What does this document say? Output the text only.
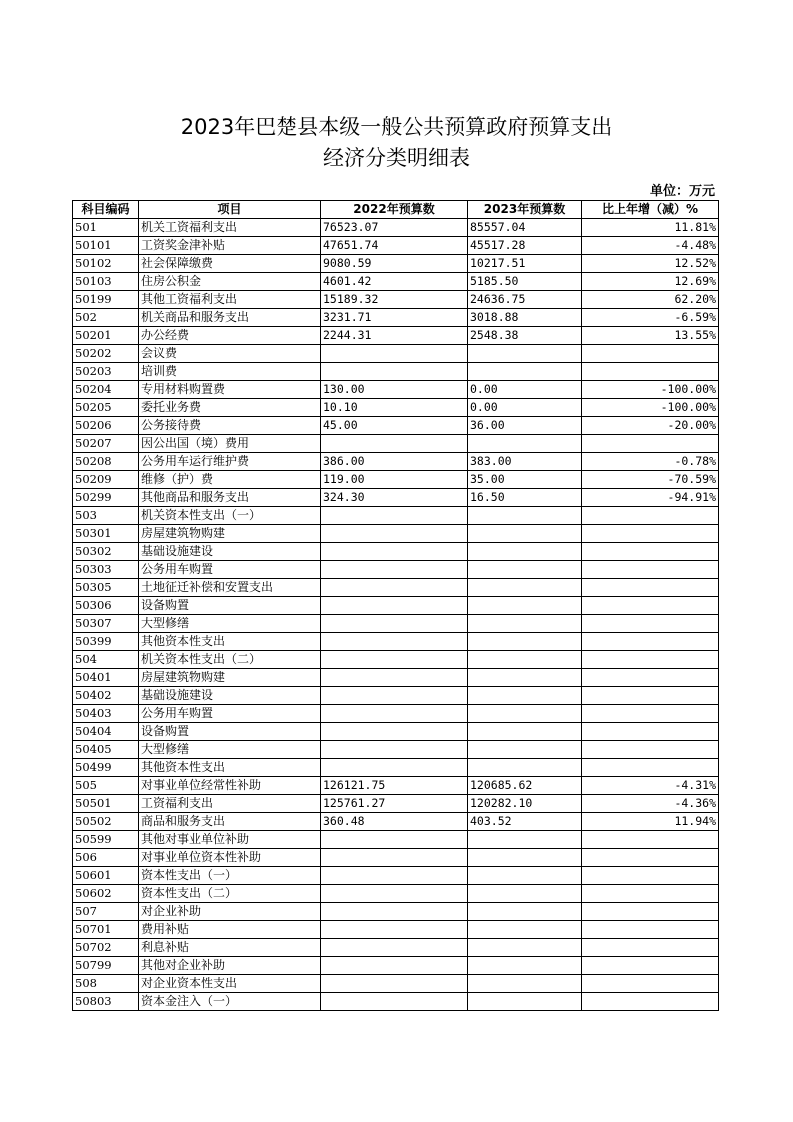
2023年巴楚县本级一般公共预算政府预算支出
经济分类明细表
单位：万元
科目编码	项目	2022年预算数	2023年预算数	比上年增（减）%
501	机关工资福利支出	76523.07	85557.04	11.81%
50101	工资奖金津补贴	47651.74	45517.28	-4.48%
50102	社会保障缴费	9080.59	10217.51	12.52%
50103	住房公积金	4601.42	5185.50	12.69%
50199	其他工资福利支出	15189.32	24636.75	62.20%
502	机关商品和服务支出	3231.71	3018.88	-6.59%
50201	办公经费	2244.31	2548.38	13.55%
50202	会议费			
50203	培训费			
50204	专用材料购置费	130.00	0.00	-100.00%
50205	委托业务费	10.10	0.00	-100.00%
50206	公务接待费	45.00	36.00	-20.00%
50207	因公出国（境）费用			
50208	公务用车运行维护费	386.00	383.00	-0.78%
50209	维修（护）费	119.00	35.00	-70.59%
50299	其他商品和服务支出	324.30	16.50	-94.91%
503	机关资本性支出（一）			
50301	房屋建筑物购建			
50302	基础设施建设			
50303	公务用车购置			
50305	土地征迁补偿和安置支出			
50306	设备购置			
50307	大型修缮			
50399	其他资本性支出			
504	机关资本性支出（二）			
50401	房屋建筑物购建			
50402	基础设施建设			
50403	公务用车购置			
50404	设备购置			
50405	大型修缮			
50499	其他资本性支出			
505	对事业单位经常性补助	126121.75	120685.62	-4.31%
50501	工资福利支出	125761.27	120282.10	-4.36%
50502	商品和服务支出	360.48	403.52	11.94%
50599	其他对事业单位补助			
506	对事业单位资本性补助			
50601	资本性支出（一）			
50602	资本性支出（二）			
507	对企业补助			
50701	费用补贴			
50702	利息补贴			
50799	其他对企业补助			
508	对企业资本性支出			
50803	资本金注入（一）			
